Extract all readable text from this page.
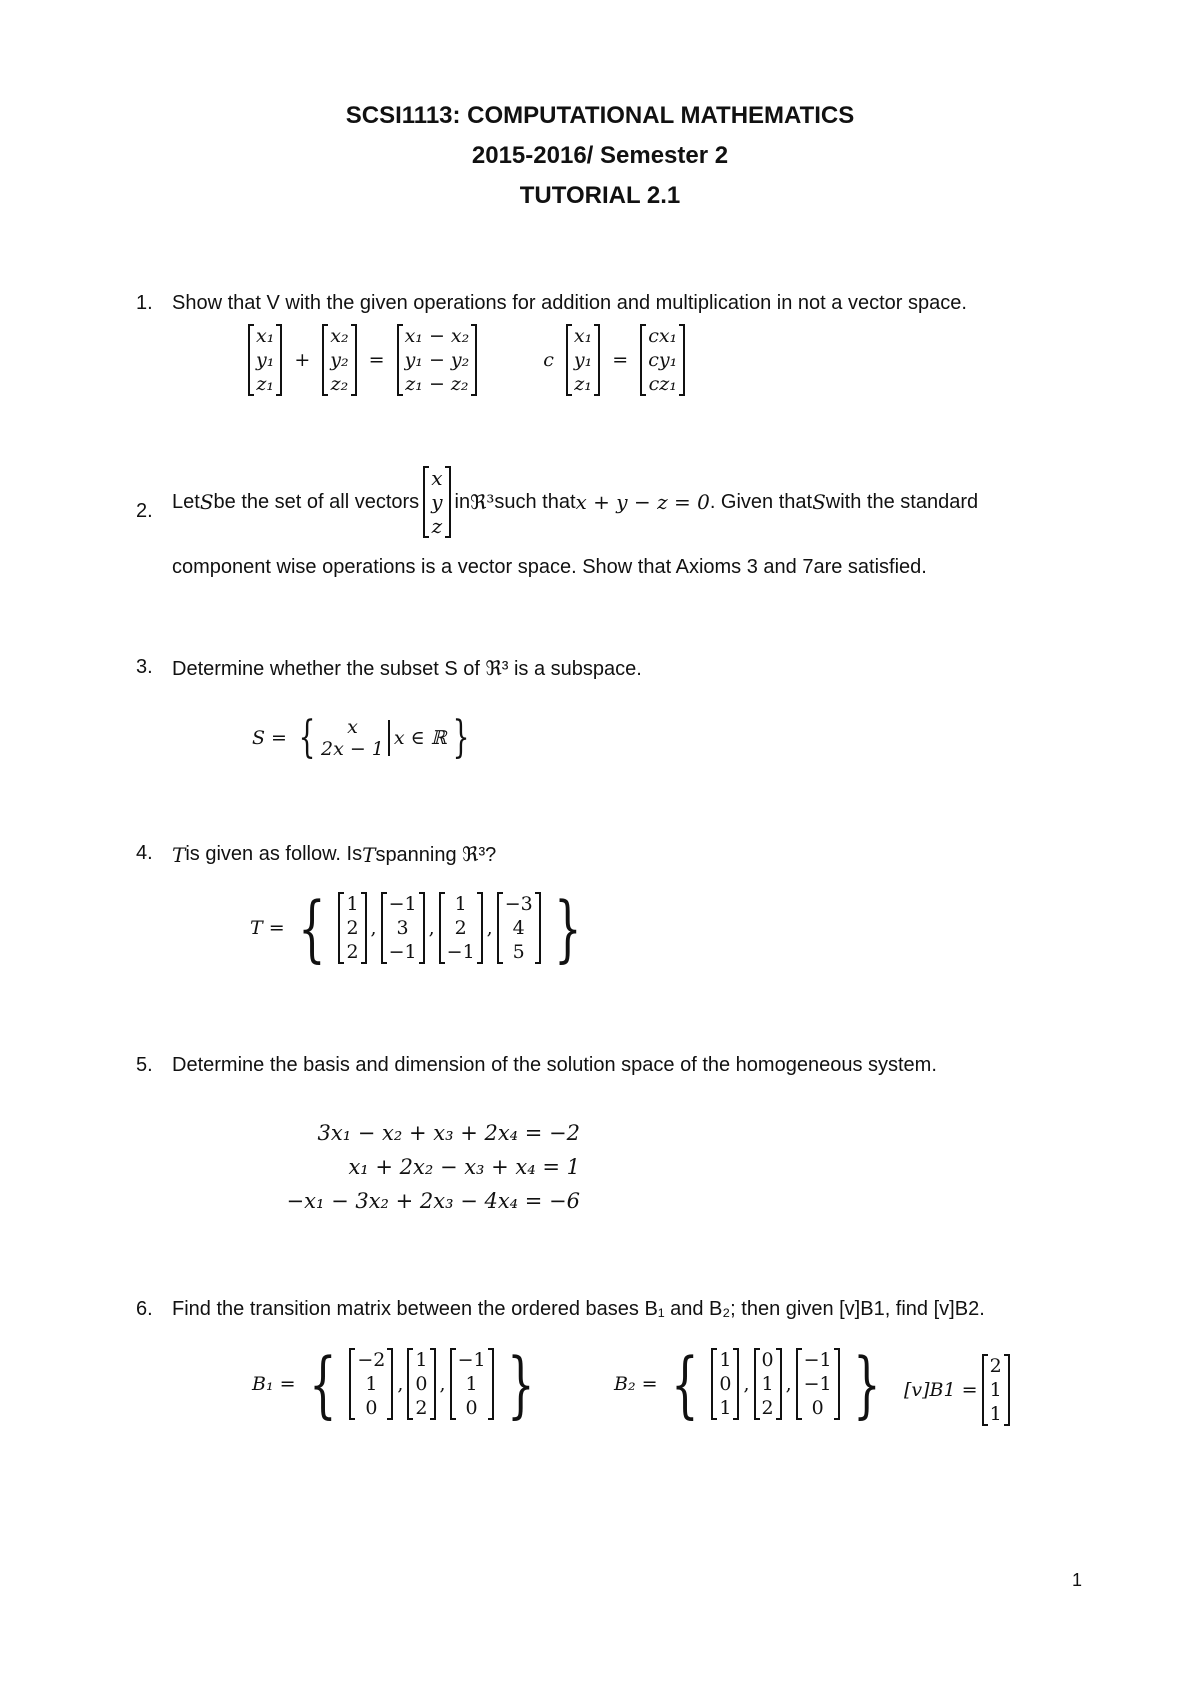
SCSI1113: COMPUTATIONAL MATHEMATICS
2015-2016/ Semester 2
TUTORIAL 2.1
1. Show that V with the given operations for addition and multiplication in not a vector space.
x₁
y₁
z₁
+
x₂
y₂
z₂
=
x₁ − x₂
y₁ − y₂
z₁ − z₂
c
x₁
y₁
z₁
=
cx₁
cy₁
cz₁
2. Let S be the set of all vectors
x
y
z
in ℜ³ such that x + y − z = 0 . Given that S with the standard
component wise operations is a vector space. Show that Axioms 3 and 7are satisfied.
3. Determine whether the subset S of ℜ³ is a subspace.
S = {	x
2x − 1 x ∈ ℝ }
4. T is given as follow. Is T spanning ℜ³?
T = { 1
2
2
,
−1
3
−1
,
1
2
−1
,
−3
4
5 }
5. Determine the basis and dimension of the solution space of the homogeneous system.
3x₁ − x₂ + x₃ + 2x₄ = −2
x₁ + 2x₂ − x₃ + x₄ = 1
−x₁ − 3x₂ + 2x₃ − 4x₄ = −6
6. Find the transition matrix between the ordered bases B₁ and B₂; then given [v]B1, find [v]B2.
B₁ = { −2
1
0
,
1
0
2
,
−1
1
0 }	B₂ = { 1
0
1
,
0
1
2
,
−1
−1
0 } [v]B1 =
2
1
1
1
